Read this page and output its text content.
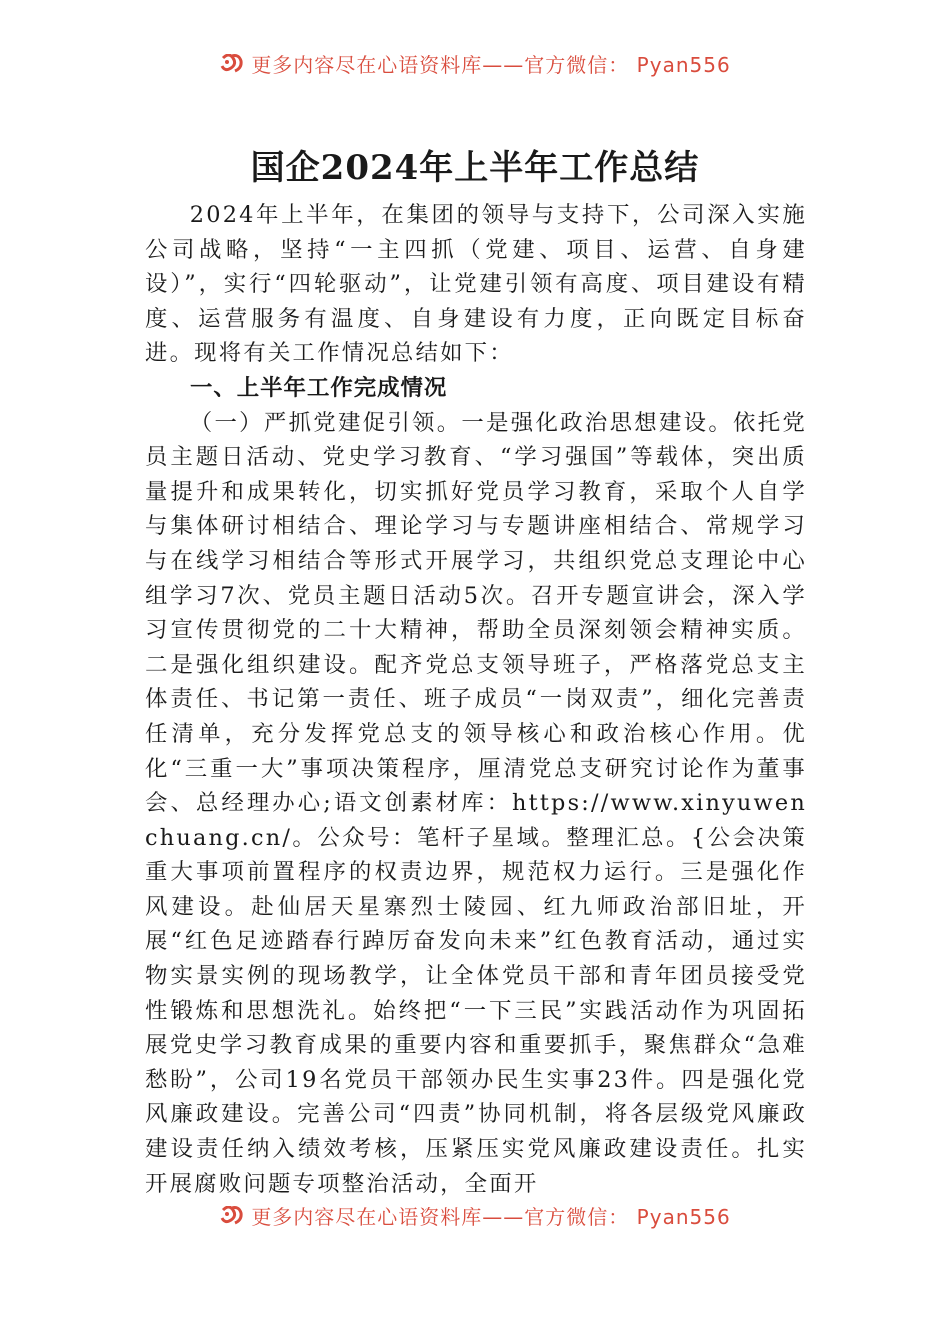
更多内容尽在心语资料库——官方微信： Pyan556
国企2024年上半年工作总结

2024年上半年，在集团的领导与支持下，公司深入实施公司战略，坚持“一主四抓（党建、项目、运营、自身建设）”，实行“四轮驱动”，让党建引领有高度、项目建设有精度、运营服务有温度、自身建设有力度，正向既定目标奋进。现将有关工作情况总结如下：

一、上半年工作完成情况

（一）严抓党建促引领。一是强化政治思想建设。依托党员主题日活动、党史学习教育、“学习强国”等载体，突出质量提升和成果转化，切实抓好党员学习教育，采取个人自学与集体研讨相结合、理论学习与专题讲座相结合、常规学习与在线学习相结合等形式开展学习，共组织党总支理论中心组学习7次、党员主题日活动5次。召开专题宣讲会，深入学习宣传贯彻党的二十大精神，帮助全员深刻领会精神实质。二是强化组织建设。配齐党总支领导班子，严格落党总支主体责任、书记第一责任、班子成员“一岗双责”，细化完善责任清单，充分发挥党总支的领导核心和政治核心作用。优化“三重一大”事项决策程序，厘清党总支研究讨论作为董事会、总经理办心;语文创素材库：https://www.xinyuwenchuang.cn/。公众号：笔杆子星域。整理汇总。{公会决策重大事项前置程序的权责边界，规范权力运行。三是强化作风建设。赴仙居天星寨烈士陵园、红九师政治部旧址，开展“红色足迹踏春行踔厉奋发向未来”红色教育活动，通过实物实景实例的现场教学，让全体党员干部和青年团员接受党性锻炼和思想洗礼。始终把“一下三民”实践活动作为巩固拓展党史学习教育成果的重要内容和重要抓手，聚焦群众“急难愁盼”，公司19名党员干部领办民生实事23件。四是强化党风廉政建设。完善公司“四责”协同机制，将各层级党风廉政建设责任纳入绩效考核，压紧压实党风廉政建设责任。扎实开展腐败问题专项整治活动，全面开

更多内容尽在心语资料库——官方微信： Pyan556
